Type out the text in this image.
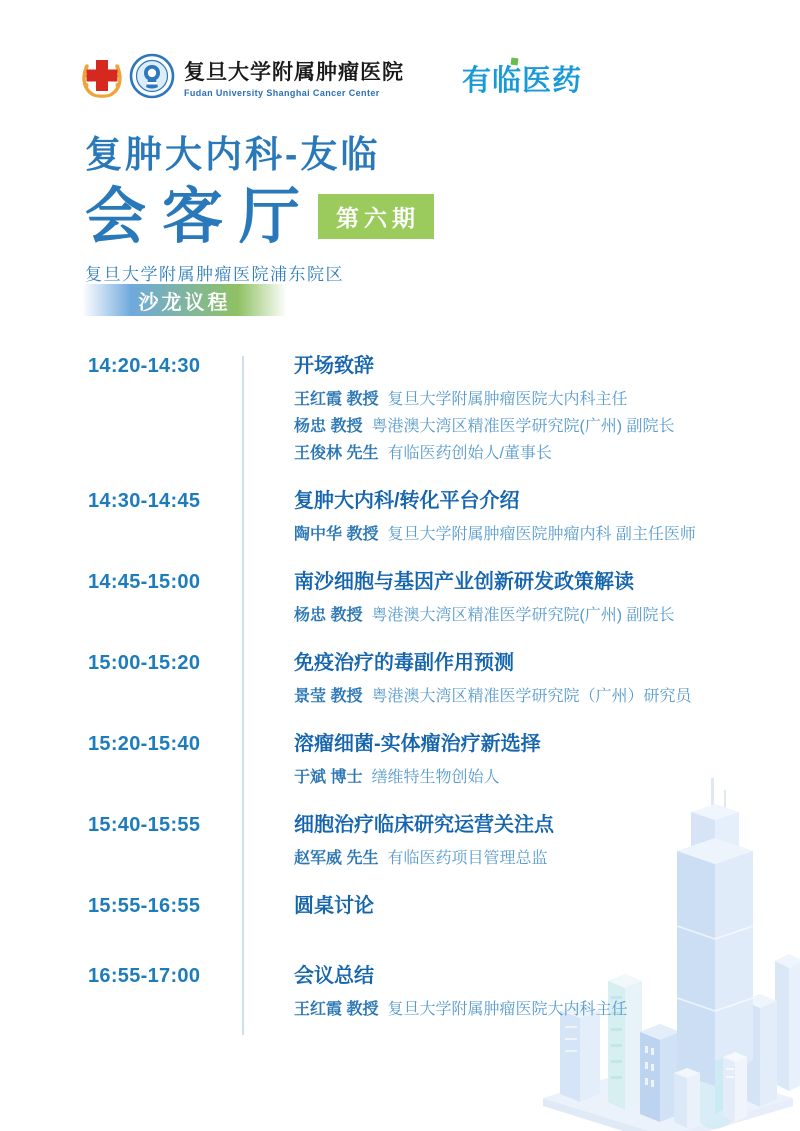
复旦大学附属肿瘤医院
Fudan University Shanghai Cancer Center	有临医药
复肿大内科-友临
会客厅 第六期
复旦大学附属肿瘤医院浦东院区
沙龙议程
14:20-14:30	开场致辞
王红霞 教授 复旦大学附属肿瘤医院大内科主任
杨忠 教授 粤港澳大湾区精准医学研究院(广州) 副院长
王俊林 先生 有临医药创始人/董事长
14:30-14:45	复肿大内科/转化平台介绍
陶中华 教授 复旦大学附属肿瘤医院肿瘤内科 副主任医师
14:45-15:00	南沙细胞与基因产业创新研发政策解读
杨忠 教授 粤港澳大湾区精准医学研究院(广州) 副院长
15:00-15:20	免疫治疗的毒副作用预测
景莹 教授 粤港澳大湾区精准医学研究院（广州）研究员
15:20-15:40	溶瘤细菌-实体瘤治疗新选择
于斌 博士 缮维特生物创始人
15:40-15:55	细胞治疗临床研究运营关注点
赵军威 先生 有临医药项目管理总监
15:55-16:55	圆桌讨论
16:55-17:00	会议总结
王红霞 教授 复旦大学附属肿瘤医院大内科主任
